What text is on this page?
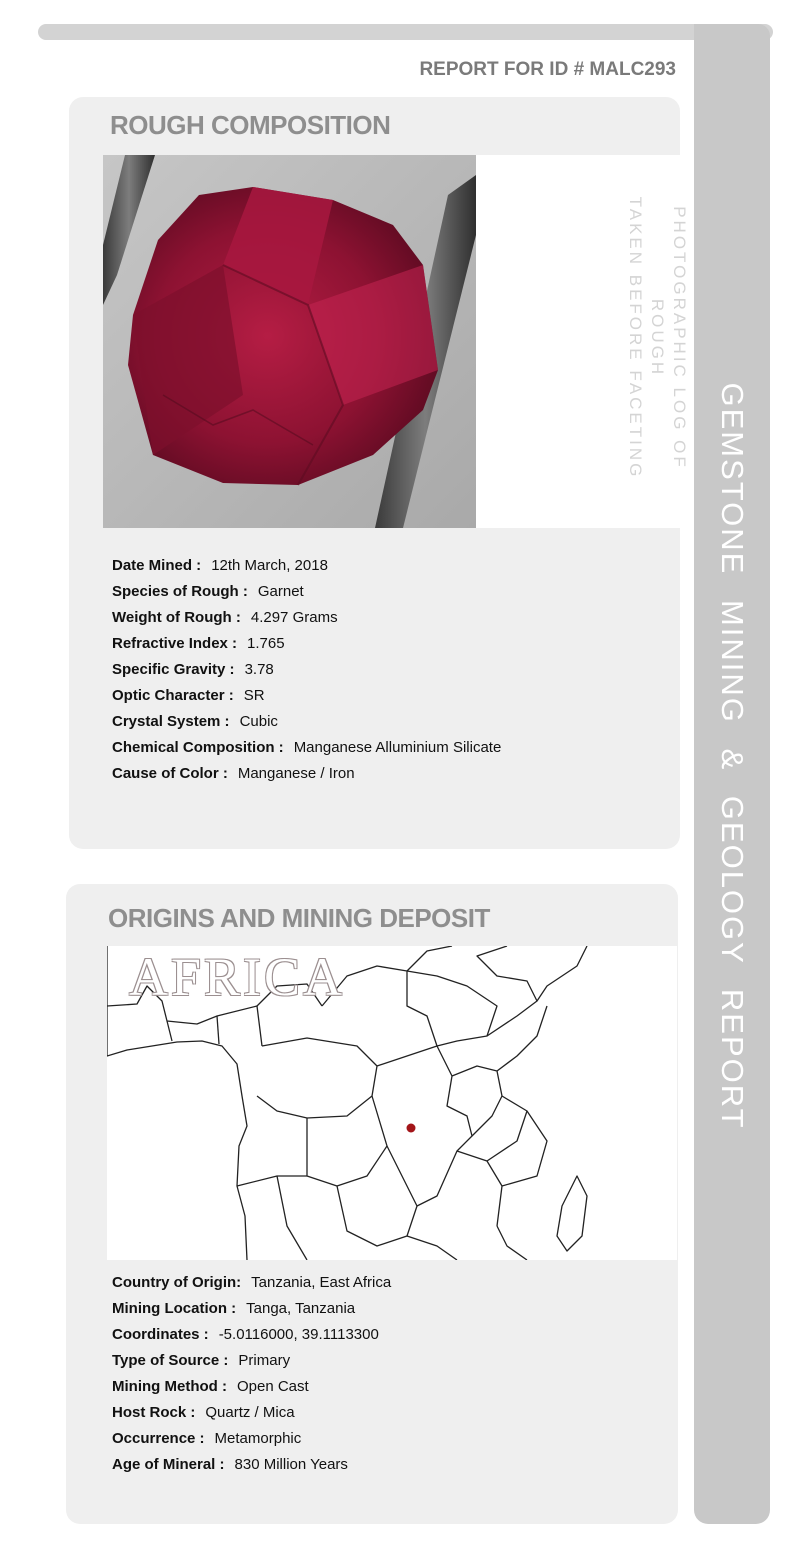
GEMSTONE MINING & GEOLOGY REPORT
REPORT FOR ID # MALC293
ROUGH COMPOSITION
PHOTOGRAPHIC LOG OF ROUGH
TAKEN BEFORE FACETING
Date Mined : 12th March, 2018
Species of Rough : Garnet
Weight of Rough : 4.297 Grams
Refractive Index : 1.765
Specific Gravity : 3.78
Optic Character : SR
Crystal System : Cubic
Chemical Composition : Manganese Alluminium Silicate
Cause of Color : Manganese / Iron
ORIGINS AND MINING DEPOSIT
AFRICA
Country of Origin: Tanzania, East Africa
Mining Location : Tanga, Tanzania
Coordinates : -5.0116000, 39.1113300
Type of Source : Primary
Mining Method : Open Cast
Host Rock : Quartz / Mica
Occurrence : Metamorphic
Age of Mineral : 830 Million Years
